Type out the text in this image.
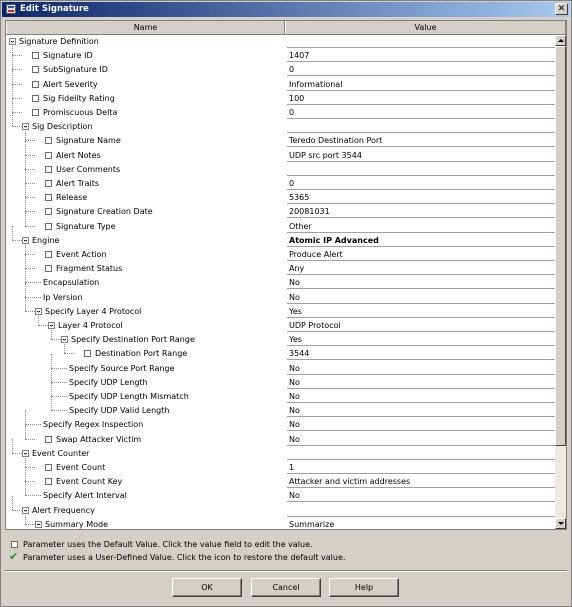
Edit Signature	✕
Name	Value
Signature Definition
Signature ID	1407
SubSignature ID	0
Alert Severity	Informational
Sig Fidelity Rating	100
Promiscuous Delta	0
Sig Description
Signature Name	Teredo Destination Port
Alert Notes	UDP src port 3544
User Comments
Alert Traits	0
Release	5365
Signature Creation Date	20081031
Signature Type	Other
Engine	Atomic IP Advanced
Event Action	Produce Alert
Fragment Status	Any
Encapsulation	No
Ip Version	No
Specify Layer 4 Protocol	Yes
Layer 4 Protocol	UDP Protocol
Specify Destination Port Range	Yes
Destination Port Range	3544
Specify Source Port Range	No
Specify UDP Length	No
Specify UDP Length Mismatch	No
Specify UDP Valid Length	No
Specify Regex Inspection	No
Swap Attacker Victim	No
Event Counter
Event Count	1
Event Count Key	Attacker and victim addresses
Specify Alert Interval	No
Alert Frequency
Summary Mode	Summarize
Parameter uses the Default Value. Click the value field to edit the value.
✔ Parameter uses a User-Defined Value. Click the icon to restore the default value.
OK	Cancel	Help
